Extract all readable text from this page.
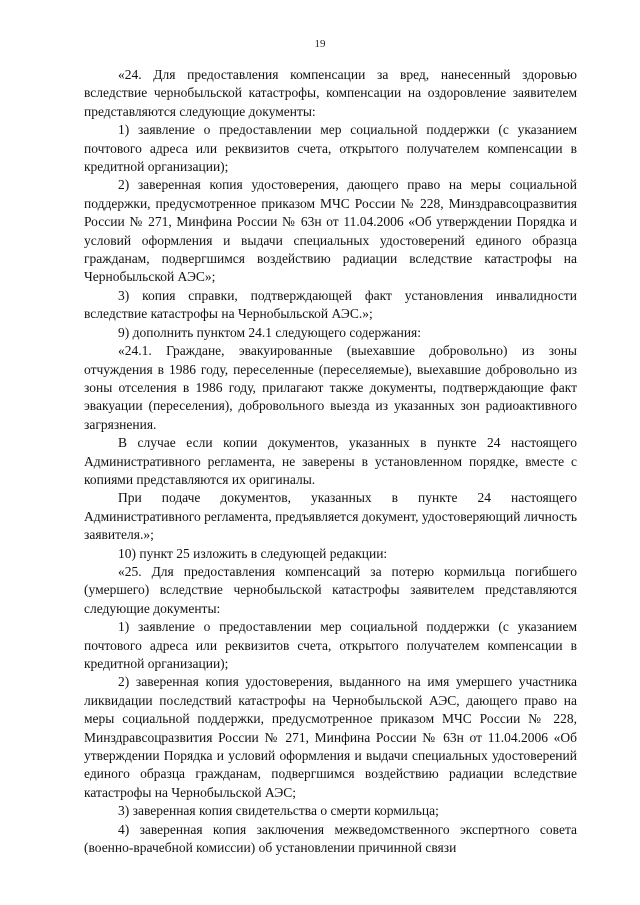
19

«24. Для предоставления компенсации за вред, нанесенный здоровью вследствие чернобыльской катастрофы, компенсации на оздоровление заявителем представляются следующие документы:

1) заявление о предоставлении мер социальной поддержки (с указанием почтового адреса или реквизитов счета, открытого получателем компенсации в кредитной организации);

2) заверенная копия удостоверения, дающего право на меры социальной поддержки, предусмотренное приказом МЧС России № 228, Минздравсоцразвития России № 271, Минфина России № 63н от 11.04.2006 «Об утверждении Порядка и условий оформления и выдачи специальных удостоверений единого образца гражданам, подвергшимся воздействию радиации вследствие катастрофы на Чернобыльской АЭС»;

3) копия справки, подтверждающей факт установления инвалидности вследствие катастрофы на Чернобыльской АЭС.»;

9) дополнить пунктом 24.1 следующего содержания:

«24.1. Граждане, эвакуированные (выехавшие добровольно) из зоны отчуждения в 1986 году, переселенные (переселяемые), выехавшие добровольно из зоны отселения в 1986 году, прилагают также документы, подтверждающие факт эвакуации (переселения), добровольного выезда из указанных зон радиоактивного загрязнения.

В случае если копии документов, указанных в пункте 24 настоящего Административного регламента, не заверены в установленном порядке, вместе с копиями представляются их оригиналы.

При подаче документов, указанных в пункте 24 настоящего Административного регламента, предъявляется документ, удостоверяющий личность заявителя.»;

10) пункт 25 изложить в следующей редакции:

«25. Для предоставления компенсаций за потерю кормильца погибшего (умершего) вследствие чернобыльской катастрофы заявителем представляются следующие документы:

1) заявление о предоставлении мер социальной поддержки (с указанием почтового адреса или реквизитов счета, открытого получателем компенсации в кредитной организации);

2) заверенная копия удостоверения, выданного на имя умершего участника ликвидации последствий катастрофы на Чернобыльской АЭС, дающего право на меры социальной поддержки, предусмотренное приказом МЧС России № 228, Минздравсоцразвития России № 271, Минфина России № 63н от 11.04.2006 «Об утверждении Порядка и условий оформления и выдачи специальных удостоверений единого образца гражданам, подвергшимся воздействию радиации вследствие катастрофы на Чернобыльской АЭС;

3) заверенная копия свидетельства о смерти кормильца;

4) заверенная копия заключения межведомственного экспертного совета (военно-врачебной комиссии) об установлении причинной связи
